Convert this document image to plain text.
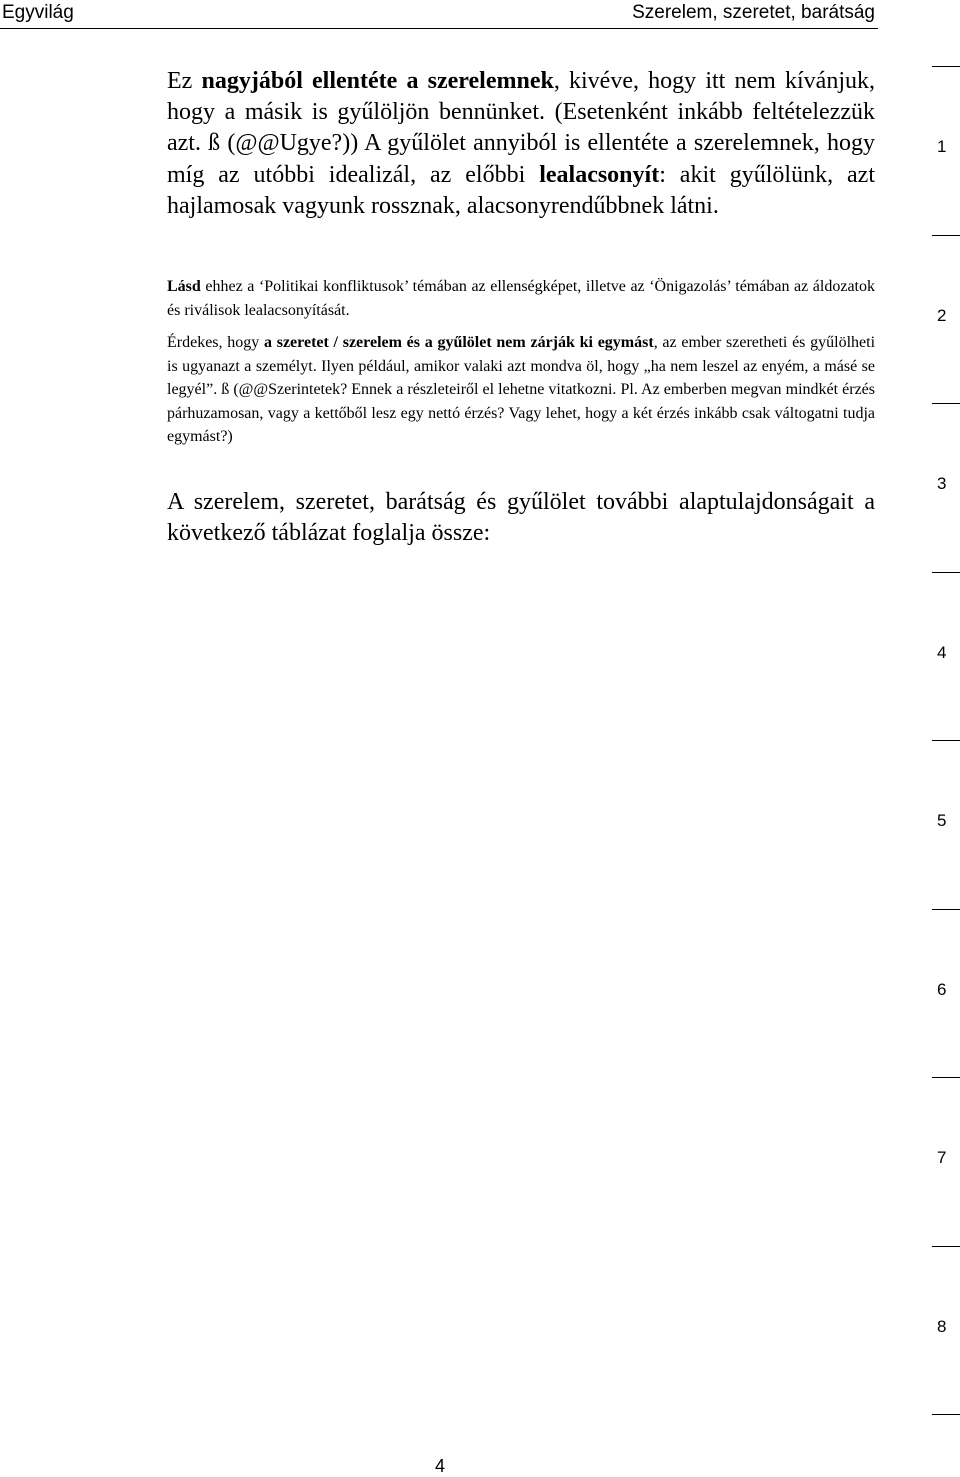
Egyvilág	Szerelem, szeretet, barátság

Ez nagyjából ellentéte a szerelemnek, kivéve, hogy itt nem kívánjuk, hogy a másik is gyűlöljön bennünket. (Esetenként inkább feltételezzük azt. ß (@@Ugye?)) A gyűlölet annyiból is ellentéte a szerelemnek, hogy míg az utóbbi idealizál, az előbbi lealacsonyít: akit gyűlölünk, azt hajlamosak vagyunk rossznak, alacsonyrendűbbnek látni.

Lásd ehhez a ‘Politikai konfliktusok’ témában az ellenségképet, illetve az ‘Önigazolás’ témában az áldozatok és riválisok lealacsonyítását.

Érdekes, hogy a szeretet / szerelem és a gyűlölet nem zárják ki egymást, az ember szeretheti és gyűlölheti is ugyanazt a személyt. Ilyen például, amikor valaki azt mondva öl, hogy „ha nem leszel az enyém, a másé se legyél”. ß (@@Szerintetek? Ennek a részleteiről el lehetne vitatkozni. Pl. Az emberben megvan mindkét érzés párhuzamosan, vagy a kettőből lesz egy nettó érzés? Vagy lehet, hogy a két érzés inkább csak váltogatni tudja egymást?)

A szerelem, szeretet, barátság és gyűlölet további alaptulajdonságait a következő táblázat foglalja össze:

1
2
3
4
5
6
7
8
4
